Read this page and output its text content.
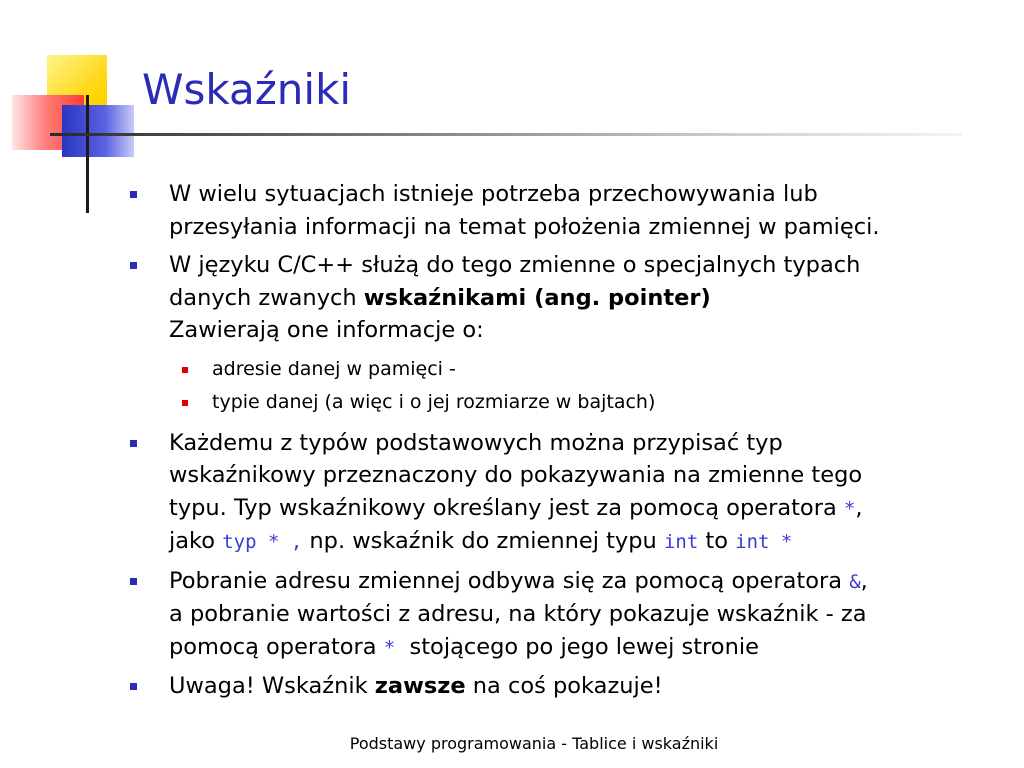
Wskaźniki
W wielu sytuacjach istnieje potrzeba przechowywania lub
przesyłania informacji na temat położenia zmiennej w pamięci.
W języku C/C++ służą do tego zmienne o specjalnych typach
danych zwanych wskaźnikami (ang. pointer)
Zawierają one informacje o:
adresie danej w pamięci -
typie danej (a więc i o jej rozmiarze w bajtach)
Każdemu z typów podstawowych można przypisać typ
wskaźnikowy przeznaczony do pokazywania na zmienne tego
typu. Typ wskaźnikowy określany jest za pomocą operatora *,
jako typ * , np. wskaźnik do zmiennej typu int to int *
Pobranie adresu zmiennej odbywa się za pomocą operatora &,
a pobranie wartości z adresu, na który pokazuje wskaźnik - za
pomocą operatora *  stojącego po jego lewej stronie
Uwaga! Wskaźnik zawsze na coś pokazuje!
Podstawy programowania - Tablice i wskaźniki
